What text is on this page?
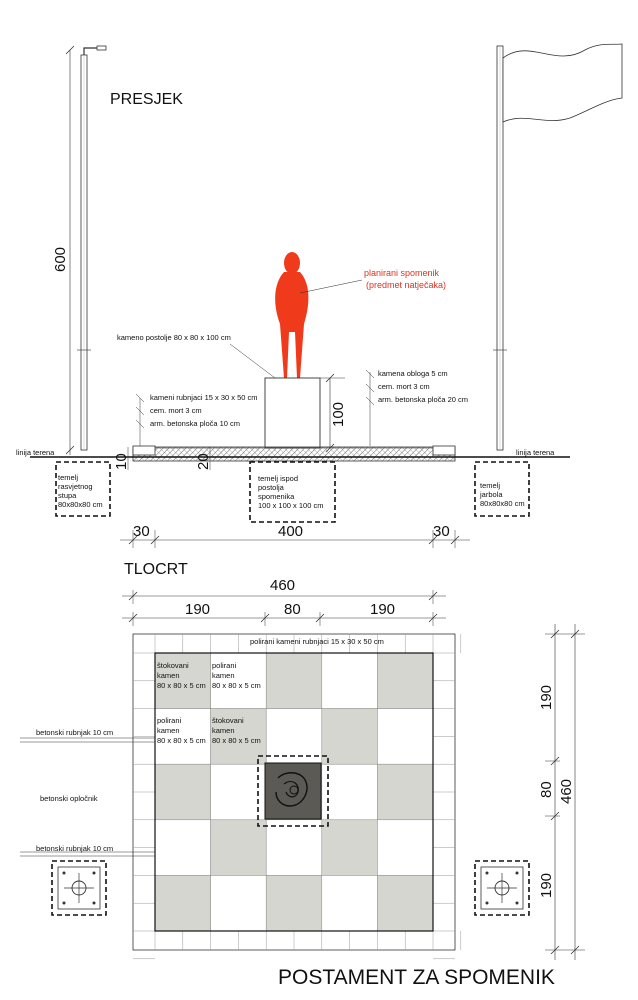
PRESJEK
600
planirani spomenik
(predmet natječaka)
kameno postolje 80 x 80 x 100 cm
100
kameni rubnjaci 15 x 30 x 50 cm
cem. mort 3 cm
arm. betonska ploča 10 cm
kamena obloga 5 cm
cem. mort 3 cm
arm. betonska ploča 20 cm
linija terena	linija terena
10	20
temelj
rasvjetnog
stupa
80x80x80 cm
temelj ispod
postolja
spomenika
100 x 100 x 100 cm
temelj
jarbola
80x80x80 cm
30	400	30
TLOCRT
460
190	80	190
polirani kameni rubnjaci 15 x 30 x 50 cm
štokovani
kamen
80 x 80 x 5 cm
polirani
kamen
80 x 80 x 5 cm
polirani
kamen
80 x 80 x 5 cm
štokovani
kamen
80 x 80 x 5 cm
betonski rubnjak 10 cm
betonski opločnik
betonski rubnjak 10 cm
190
80
190
460
POSTAMENT ZA SPOMENIK
